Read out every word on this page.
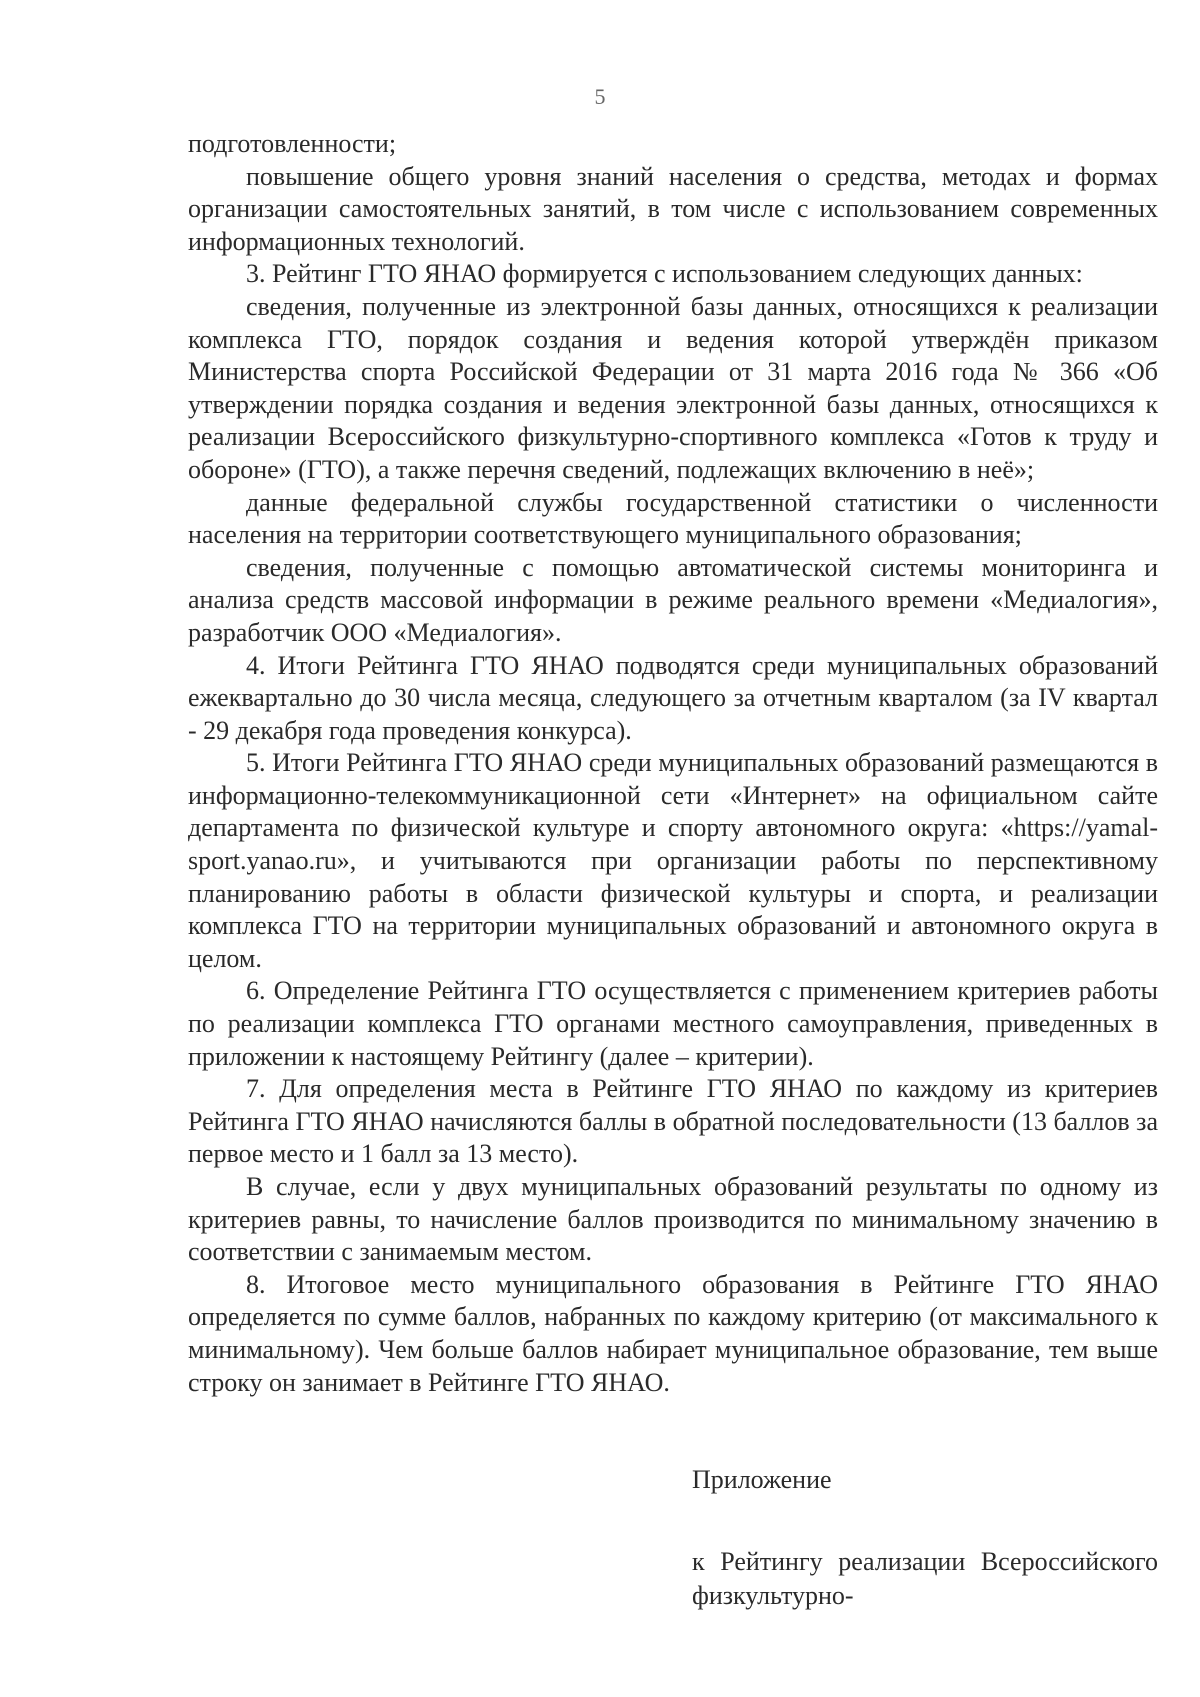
5

подготовленности;

повышение общего уровня знаний населения о средства, методах и формах организации самостоятельных занятий, в том числе с использованием современных информационных технологий.

3. Рейтинг ГТО ЯНАО формируется с использованием следующих данных:

сведения, полученные из электронной базы данных, относящихся к реализации комплекса ГТО, порядок создания и ведения которой утверждён приказом Министерства спорта Российской Федерации от 31 марта 2016 года № 366 «Об утверждении порядка создания и ведения электронной базы данных, относящихся к реализации Всероссийского физкультурно-спортивного комплекса «Готов к труду и обороне» (ГТО), а также перечня сведений, подлежащих включению в неё»;

данные федеральной службы государственной статистики о численности населения на территории соответствующего муниципального образования;

сведения, полученные с помощью автоматической системы мониторинга и анализа средств массовой информации в режиме реального времени «Медиалогия», разработчик ООО «Медиалогия».

4. Итоги Рейтинга ГТО ЯНАО подводятся среди муниципальных образований ежеквартально до 30 числа месяца, следующего за отчетным кварталом (за IV квартал - 29 декабря года проведения конкурса).

5. Итоги Рейтинга ГТО ЯНАО среди муниципальных образований размещаются в информационно-телекоммуникационной сети «Интернет» на официальном сайте департамента по физической культуре и спорту автономного округа: «https://yamal-sport.yanao.ru», и учитываются при организации работы по перспективному планированию работы в области физической культуры и спорта, и реализации комплекса ГТО на территории муниципальных образований и автономного округа в целом.

6. Определение Рейтинга ГТО осуществляется с применением критериев работы по реализации комплекса ГТО органами местного самоуправления, приведенных в приложении к настоящему Рейтингу (далее – критерии).

7. Для определения места в Рейтинге ГТО ЯНАО по каждому из критериев Рейтинга ГТО ЯНАО начисляются баллы в обратной последовательности (13 баллов за первое место и 1 балл за 13 место).

В случае, если у двух муниципальных образований результаты по одному из критериев равны, то начисление баллов производится по минимальному значению в соответствии с занимаемым местом.

8. Итоговое место муниципального образования в Рейтинге ГТО ЯНАО определяется по сумме баллов, набранных по каждому критерию (от максимального к минимальному). Чем больше баллов набирает муниципальное образование, тем выше строку он занимает в Рейтинге ГТО ЯНАО.

Приложение

к Рейтингу реализации Всероссийского физкультурно-
